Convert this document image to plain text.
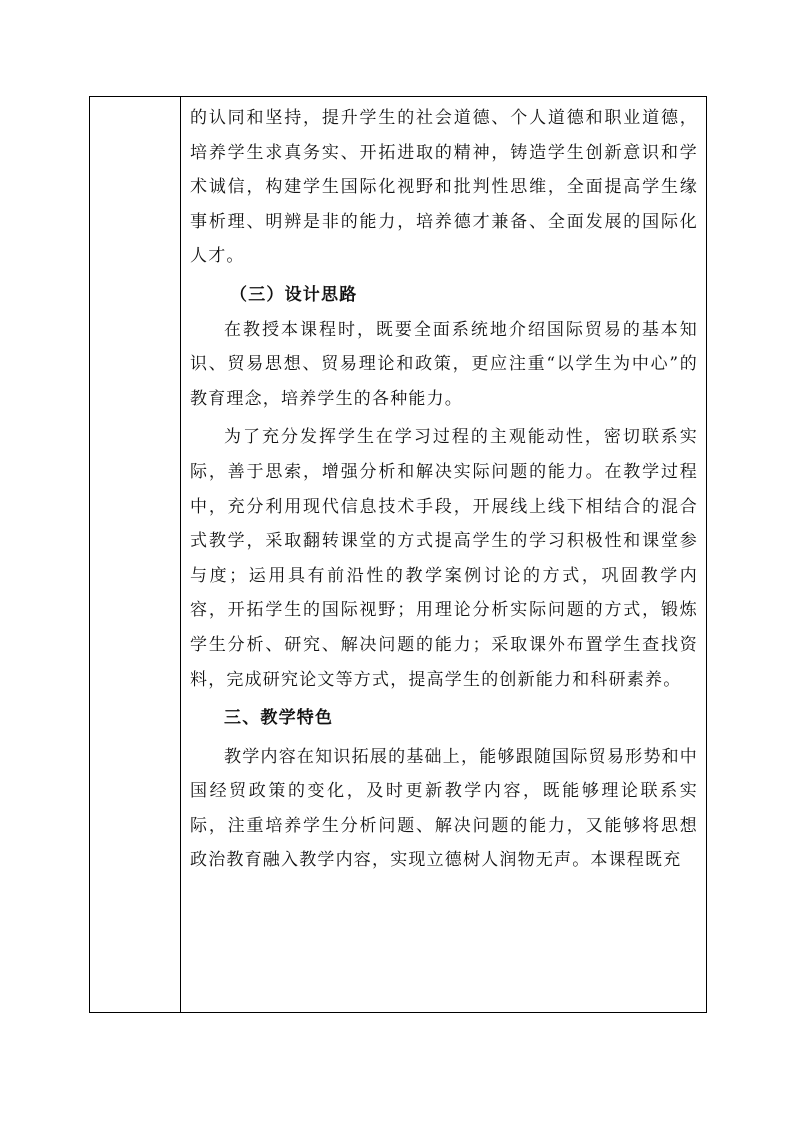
的认同和坚持，提升学生的社会道德、个人道德和职业道德，培养学生求真务实、开拓进取的精神，铸造学生创新意识和学术诚信，构建学生国际化视野和批判性思维，全面提高学生缘事析理、明辨是非的能力，培养德才兼备、全面发展的国际化人才。

（三）设计思路

在教授本课程时，既要全面系统地介绍国际贸易的基本知识、贸易思想、贸易理论和政策，更应注重“以学生为中心”的教育理念，培养学生的各种能力。

为了充分发挥学生在学习过程的主观能动性，密切联系实际，善于思索，增强分析和解决实际问题的能力。在教学过程中，充分利用现代信息技术手段，开展线上线下相结合的混合式教学，采取翻转课堂的方式提高学生的学习积极性和课堂参与度；运用具有前沿性的教学案例讨论的方式，巩固教学内容，开拓学生的国际视野；用理论分析实际问题的方式，锻炼学生分析、研究、解决问题的能力；采取课外布置学生查找资料，完成研究论文等方式，提高学生的创新能力和科研素养。

三、教学特色

教学内容在知识拓展的基础上，能够跟随国际贸易形势和中国经贸政策的变化，及时更新教学内容，既能够理论联系实际，注重培养学生分析问题、解决问题的能力，又能够将思想政治教育融入教学内容，实现立德树人润物无声。本课程既充
